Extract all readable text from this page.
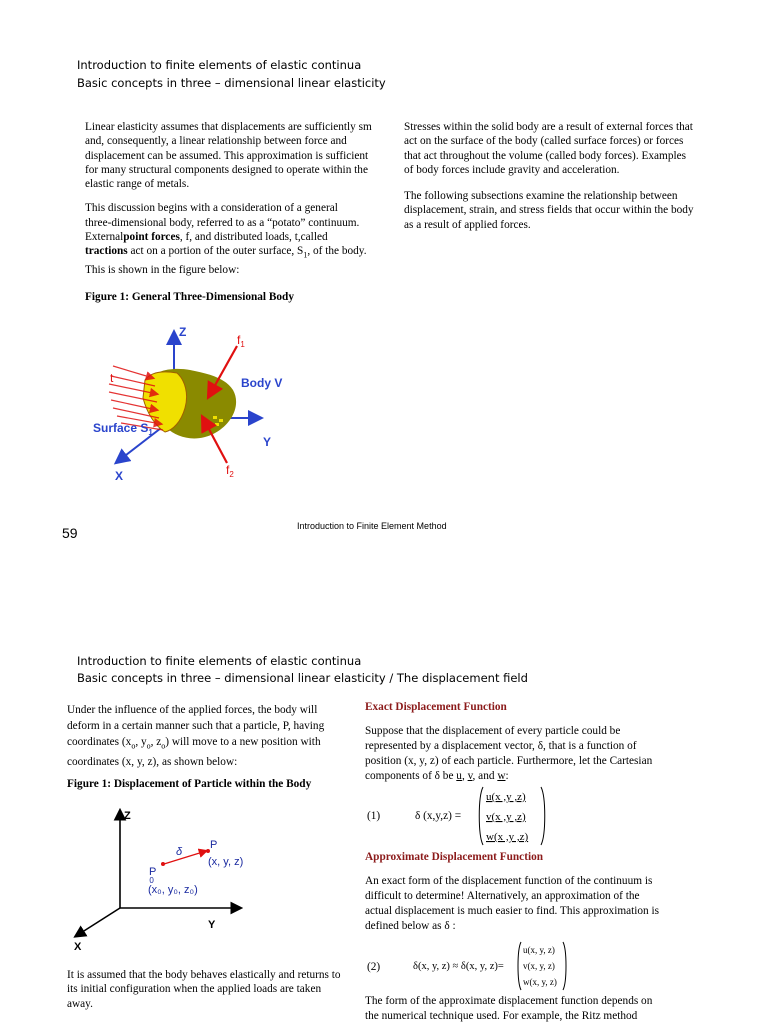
Introduction to finite elements of elastic continua
Basic concepts in three – dimensional linear elasticity

Linear elasticity assumes that displacements are sufficiently sm

and, consequently, a linear relationship between force and

displacement can be assumed. This approximation is sufficient

for many structural components designed to operate within the

elastic range of metals.

This discussion begins with a consideration of a general

three-dimensional body, referred to as a “potato” continuum.

Externalpoint forces, f, and distributed loads, t,called

tractions act on a portion of the outer surface, $S_1$, of the body.

This is shown in the figure below:

Figure 1: General Three-Dimensional Body

Stresses within the solid body are a result of external forces that

act on the surface of the body (called surface forces) or forces

that act throughout the volume (called body forces). Examples

of body forces include gravity and acceleration.

The following subsections examine the relationship between

displacement, strain, and stress fields that occur within the body

as a result of applied forces.

Z
Y
X
Body V
Surface $S_1$
$f_1$
$f_2$
t
59	Introduction to Finite Element Method
Introduction to finite elements of elastic continua
Basic concepts in three – dimensional linear elasticity / The displacement field

Under the influence of the applied forces, the body will

deform in a certain manner such that a particle, P, having

coordinates ($x_o$, $y_o$, $z_o$) will move to a new position with

coordinates (x, y, z), as shown below:

Figure 1: Displacement of Particle within the Body
Z
Y
X
P
(x, y, z)
P 0
(x₀, y₀, z₀)
δ

It is assumed that the body behaves elastically and returns to

its initial configuration when the applied loads are taken

away.

Exact Displacement Function

Suppose that the displacement of every particle could be

represented by a displacement vector, δ, that is a function of

position (x, y, z) of each particle. Furthermore, let the Cartesian

components of δ be u, v, and w:

(1)	δ (x,y,z) =
u(x ,y ,z)
v(x ,y ,z)
w(x ,y ,z)
Approximate Displacement Function

An exact form of the displacement function of the continuum is

difficult to determine! Alternatively, an approximation of the

actual displacement is much easier to find. This approximation is

defined below as δ :

(2)	δ(x, y, z) ≈ δ(x, y, z)=
u(x, y, z)
v(x, y, z)
w(x, y, z)

The form of the approximate displacement function depends on

the numerical technique used. For example, the Ritz method
